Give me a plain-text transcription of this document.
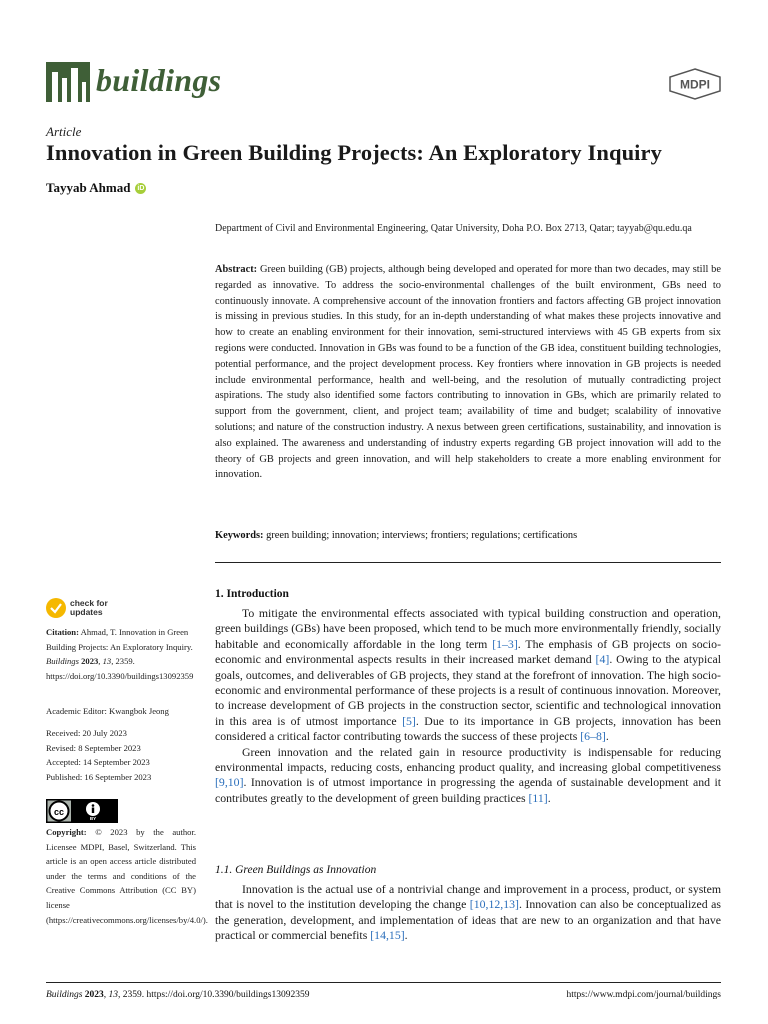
buildings	MDPI
Article
Innovation in Green Building Projects: An Exploratory Inquiry
Tayyab Ahmad iD
Department of Civil and Environmental Engineering, Qatar University, Doha P.O. Box 2713, Qatar; tayyab@qu.edu.qa
Abstract: Green building (GB) projects, although being developed and operated for more than two decades, may still be regarded as innovative. To address the socio-environmental challenges of the built environment, GBs need to continuously innovate. A comprehensive account of the innovation frontiers and factors affecting GB project innovation is missing in previous studies. In this study, for an in-depth understanding of what makes these projects innovative and how to create an enabling environment for their innovation, semi-structured interviews with 45 GB experts from six regions were conducted. Innovation in GBs was found to be a function of the GB idea, constituent building technologies, potential performance, and the project development process. Key frontiers where innovation in GB projects is needed include environmental performance, health and well-being, and the resolution of mutually contradicting project aspirations. The study also identified some factors contributing to innovation in GBs, which are primarily related to support from the government, client, and project team; availability of time and budget; scalability of innovative solutions; and nature of the construction industry. A nexus between green certifications, sustainability, and innovation is also explained. The awareness and understanding of industry experts regarding GB project innovation will add to the theory of GB projects and green innovation, and will help stakeholders to create a more enabling environment for innovation.
Keywords: green building; innovation; interviews; frontiers; regulations; certifications
check for
updates
Citation: Ahmad, T. Innovation in Green Building Projects: An Exploratory Inquiry. Buildings 2023, 13, 2359. https://doi.org/10.3390/buildings13092359
Academic Editor: Kwangbok Jeong
Received: 20 July 2023
Revised: 8 September 2023
Accepted: 14 September 2023
Published: 16 September 2023
cc
BY
Copyright: © 2023 by the author. Licensee MDPI, Basel, Switzerland. This article is an open access article distributed under the terms and conditions of the Creative Commons Attribution (CC BY) license (https://creativecommons.org/licenses/by/4.0/).
1. Introduction

To mitigate the environmental effects associated with typical building construction and operation, green buildings (GBs) have been proposed, which tend to be much more environmentally friendly, socially habitable and economically affordable in the long term [1–3]. The emphasis of GB projects on socio-economic and environmental aspects results in their increased market demand [4]. Owing to the atypical goals, outcomes, and deliverables of GB projects, they stand at the forefront of innovation. The high socio-economic and environmental performance of these projects is a result of continuous innovation. Moreover, to increase development of GB projects in the construction sector, scientific and technological innovation in this area is of utmost importance [5]. Due to its importance in GB projects, innovation has been considered a critical factor contributing towards the success of these projects [6–8].

Green innovation and the related gain in resource productivity is indispensable for reducing environmental impacts, reducing costs, enhancing product quality, and increasing global competitiveness [9,10]. Innovation is of utmost importance in progressing the agenda of sustainable development and it contributes greatly to the development of green building practices [11].

1.1. Green Buildings as Innovation

Innovation is the actual use of a nontrivial change and improvement in a process, product, or system that is novel to the institution developing the change [10,12,13]. Innovation can also be conceptualized as the generation, development, and implementation of ideas that are new to an organization and that have practical or commercial benefits [14,15].

Buildings 2023, 13, 2359. https://doi.org/10.3390/buildings13092359	https://www.mdpi.com/journal/buildings
